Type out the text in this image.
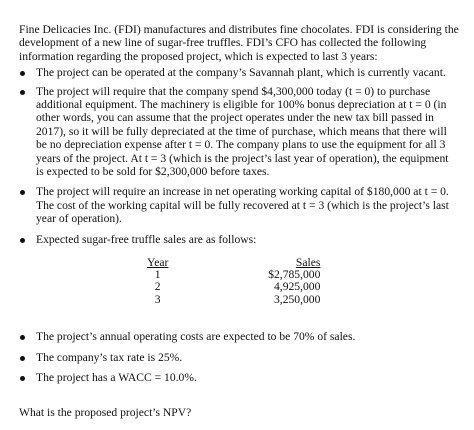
Fine Delicacies Inc. (FDI) manufactures and distributes fine chocolates. FDI is considering the development of a new line of sugar-free truffles. FDI’s CFO has collected the following information regarding the proposed project, which is expected to last 3 years:

The project can be operated at the company’s Savannah plant, which is currently vacant.
The project will require that the company spend $4,300,000 today (t = 0) to purchase additional equipment. The machinery is eligible for 100% bonus depreciation at t = 0 (in other words, you can assume that the project operates under the new tax bill passed in 2017), so it will be fully depreciated at the time of purchase, which means that there will be no depreciation expense after t = 0. The company plans to use the equipment for all 3 years of the project. At t = 3 (which is the project’s last year of operation), the equipment is expected to be sold for $2,300,000 before taxes.
The project will require an increase in net operating working capital of $180,000 at t = 0. The cost of the working capital will be fully recovered at t = 3 (which is the project’s last year of operation).
Expected sugar-free truffle sales are as follows:
The project’s annual operating costs are expected to be 70% of sales.
The company’s tax rate is 25%.
The project has a WACC = 10.0%.
Year	Sales
1	$2,785,000
2	4,925,000
3	3,250,000

What is the proposed project’s NPV?
